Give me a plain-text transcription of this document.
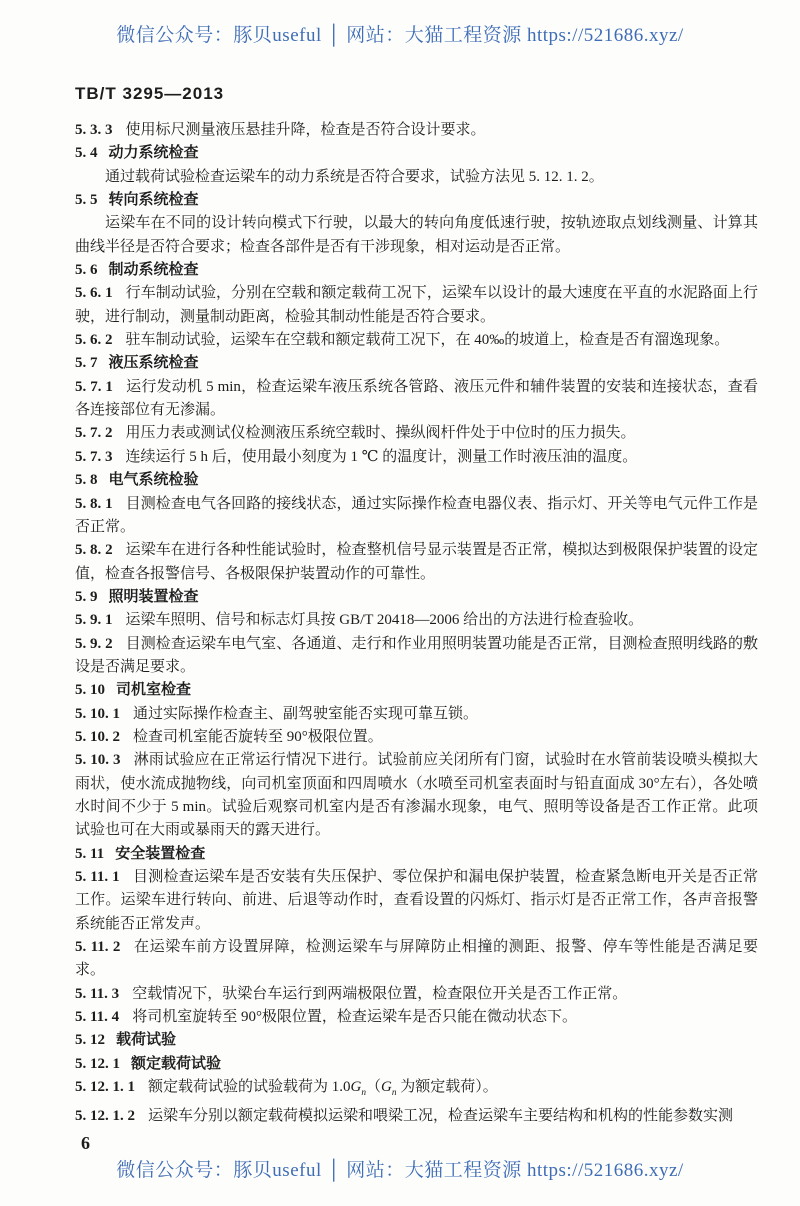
微信公众号：豚贝useful │ 网站：大猫工程资源 https://521686.xyz/
TB/T 3295—2013

5. 3. 3 使用标尺测量液压悬挂升降，检查是否符合设计要求。

5. 4 动力系统检查

通过载荷试验检查运梁车的动力系统是否符合要求，试验方法见 5. 12. 1. 2。

5. 5 转向系统检查

运梁车在不同的设计转向模式下行驶，以最大的转向角度低速行驶，按轨迹取点划线测量、计算其曲线半径是否符合要求；检查各部件是否有干涉现象，相对运动是否正常。

5. 6 制动系统检查

5. 6. 1 行车制动试验，分别在空载和额定载荷工况下，运梁车以设计的最大速度在平直的水泥路面上行驶，进行制动，测量制动距离，检验其制动性能是否符合要求。

5. 6. 2 驻车制动试验，运梁车在空载和额定载荷工况下，在 40‰的坡道上，检查是否有溜逸现象。

5. 7 液压系统检查

5. 7. 1 运行发动机 5 min，检查运梁车液压系统各管路、液压元件和辅件装置的安装和连接状态，查看各连接部位有无渗漏。

5. 7. 2 用压力表或测试仪检测液压系统空载时、操纵阀杆件处于中位时的压力损失。

5. 7. 3 连续运行 5 h 后，使用最小刻度为 1 ℃ 的温度计，测量工作时液压油的温度。

5. 8 电气系统检验

5. 8. 1 目测检查电气各回路的接线状态，通过实际操作检查电器仪表、指示灯、开关等电气元件工作是否正常。

5. 8. 2 运梁车在进行各种性能试验时，检查整机信号显示装置是否正常，模拟达到极限保护装置的设定值，检查各报警信号、各极限保护装置动作的可靠性。

5. 9 照明装置检查

5. 9. 1 运梁车照明、信号和标志灯具按 GB/T 20418—2006 给出的方法进行检查验收。

5. 9. 2 目测检查运梁车电气室、各通道、走行和作业用照明装置功能是否正常，目测检查照明线路的敷设是否满足要求。

5. 10 司机室检查

5. 10. 1 通过实际操作检查主、副驾驶室能否实现可靠互锁。

5. 10. 2 检查司机室能否旋转至 90°极限位置。

5. 10. 3 淋雨试验应在正常运行情况下进行。试验前应关闭所有门窗，试验时在水管前装设喷头模拟大雨状，使水流成抛物线，向司机室顶面和四周喷水（水喷至司机室表面时与铅直面成 30°左右），各处喷水时间不少于 5 min。试验后观察司机室内是否有渗漏水现象，电气、照明等设备是否工作正常。此项试验也可在大雨或暴雨天的露天进行。

5. 11 安全装置检查

5. 11. 1 目测检查运梁车是否安装有失压保护、零位保护和漏电保护装置，检查紧急断电开关是否正常工作。运梁车进行转向、前进、后退等动作时，查看设置的闪烁灯、指示灯是否正常工作，各声音报警系统能否正常发声。

5. 11. 2 在运梁车前方设置屏障，检测运梁车与屏障防止相撞的测距、报警、停车等性能是否满足要求。

5. 11. 3 空载情况下，驮梁台车运行到两端极限位置，检查限位开关是否工作正常。

5. 11. 4 将司机室旋转至 90°极限位置，检查运梁车是否只能在微动状态下。

5. 12 载荷试验

5. 12. 1 额定载荷试验

5. 12. 1. 1 额定载荷试验的试验载荷为 $1.0G_n(G_n$ 为额定载荷）。

5. 12. 1. 2 运梁车分别以额定载荷模拟运梁和喂梁工况，检查运梁车主要结构和机构的性能参数实测

6
微信公众号：豚贝useful │ 网站：大猫工程资源 https://521686.xyz/
